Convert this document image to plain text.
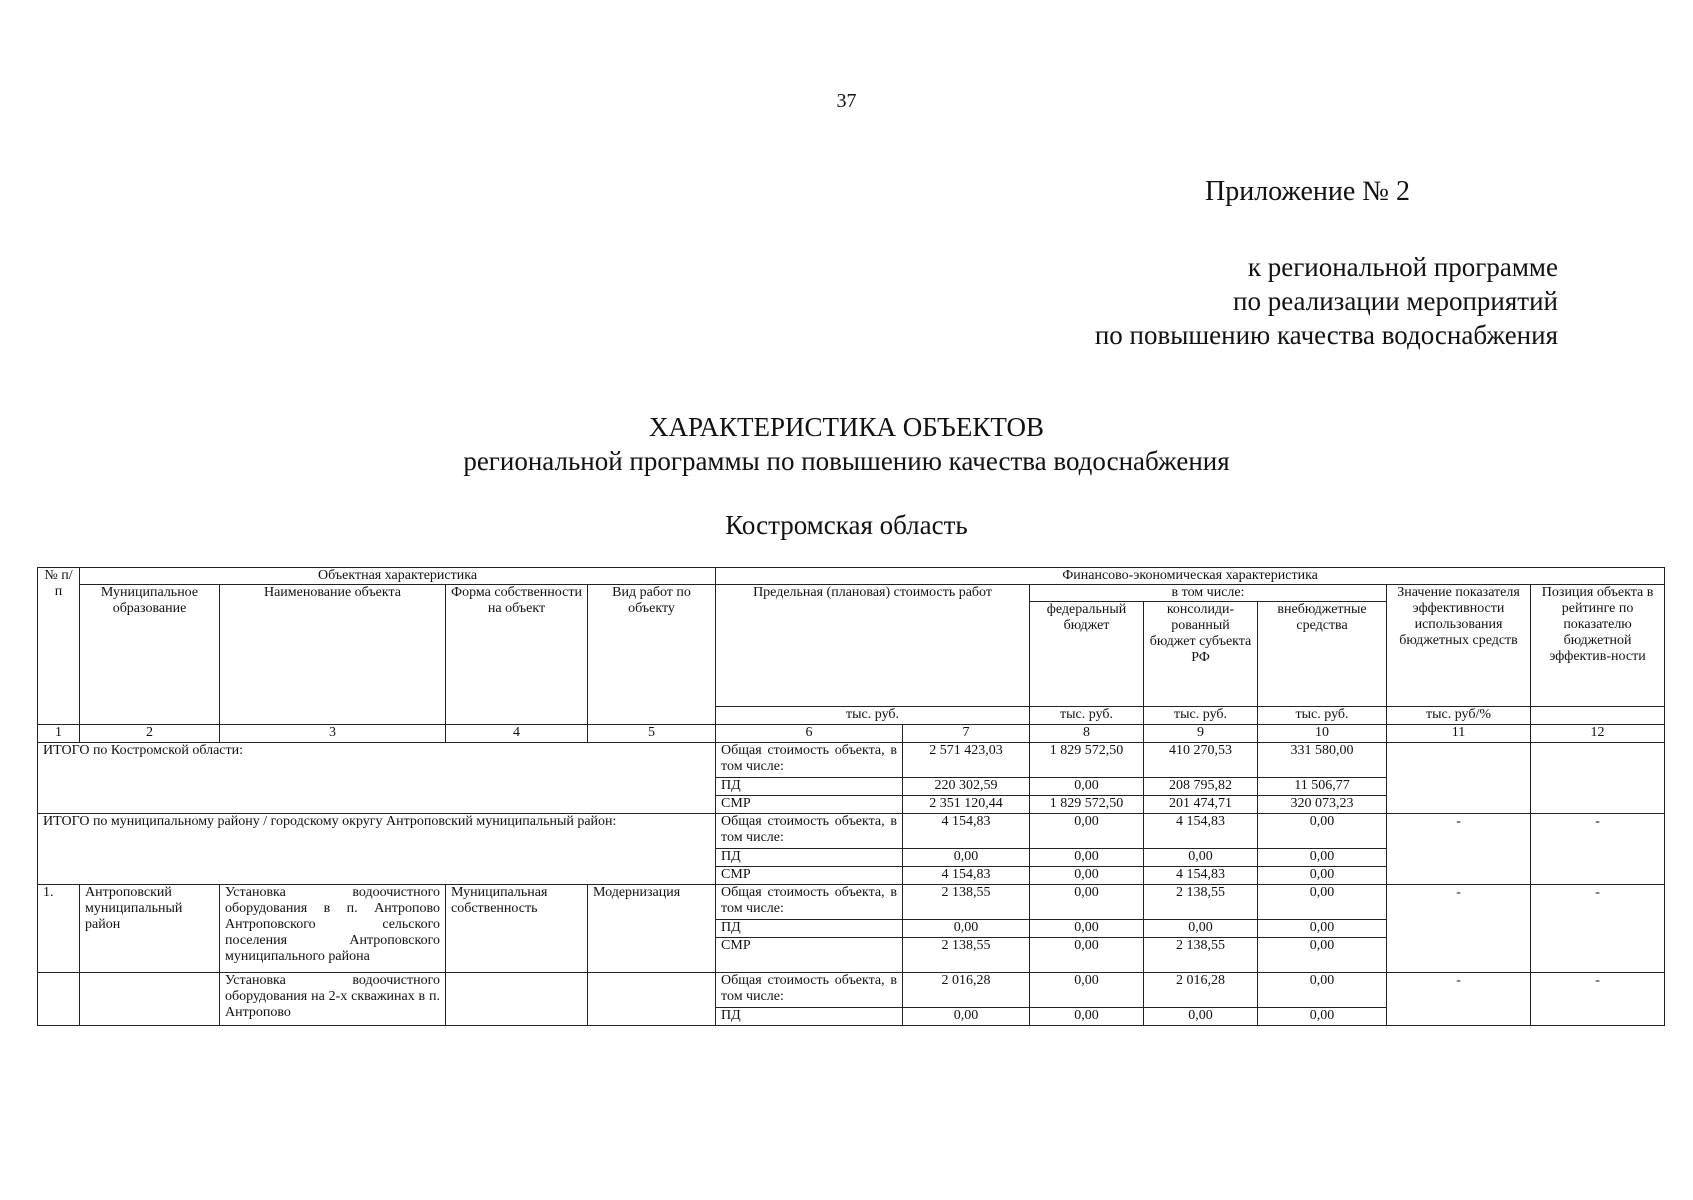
37
Приложение № 2
к региональной программе
по реализации мероприятий
по повышению качества водоснабжения
ХАРАКТЕРИСТИКА ОБЪЕКТОВ
региональной программы по повышению качества водоснабжения
Костромская область
№ п/п	Объектная характеристика				Финансово-экономическая характеристика						
	Муниципальное образование	Наименование объекта	Форма собственности на объект	Вид работ по объекту	Предельная (плановая) стоимость работ		в том числе:			Значение показателя эффективности использования бюджетных средств	Позиция объекта в рейтинге по показателю бюджетной эффектив-ности
							федеральный бюджет	консолиди-рованный бюджет субъекта РФ	внебюджетные средства		
					тыс. руб.		тыс. руб.	тыс. руб.	тыс. руб.	тыс. руб/%	
1	2	3	4	5	6	7	8	9	10	11	12
ИТОГО по Костромской области:					Общая стоимость объекта, в том числе:	2 571 423,03	1 829 572,50	410 270,53	331 580,00		
					ПД	220 302,59	0,00	208 795,82	11 506,77		
					СМР	2 351 120,44	1 829 572,50	201 474,71	320 073,23		
ИТОГО по муниципальному району / городскому округу Антроповский муниципальный район:					Общая стоимость объекта, в том числе:	4 154,83	0,00	4 154,83	0,00	-	-
					ПД	0,00	0,00	0,00	0,00		
					СМР	4 154,83	0,00	4 154,83	0,00		
1.	Антроповский муниципальный район	Установка водоочистного оборудования в п. Антропово Антроповского сельского поселения Антроповского муниципального района	Муниципальная собственность	Модернизация	Общая стоимость объекта, в том числе:	2 138,55	0,00	2 138,55	0,00	-	-
					ПД	0,00	0,00	0,00	0,00		
					СМР	2 138,55	0,00	2 138,55	0,00		
		Установка водоочистного оборудования на 2-х скважинах в п. Антропово			Общая стоимость объекта, в том числе:	2 016,28	0,00	2 016,28	0,00	-	-
					ПД	0,00	0,00	0,00	0,00		
